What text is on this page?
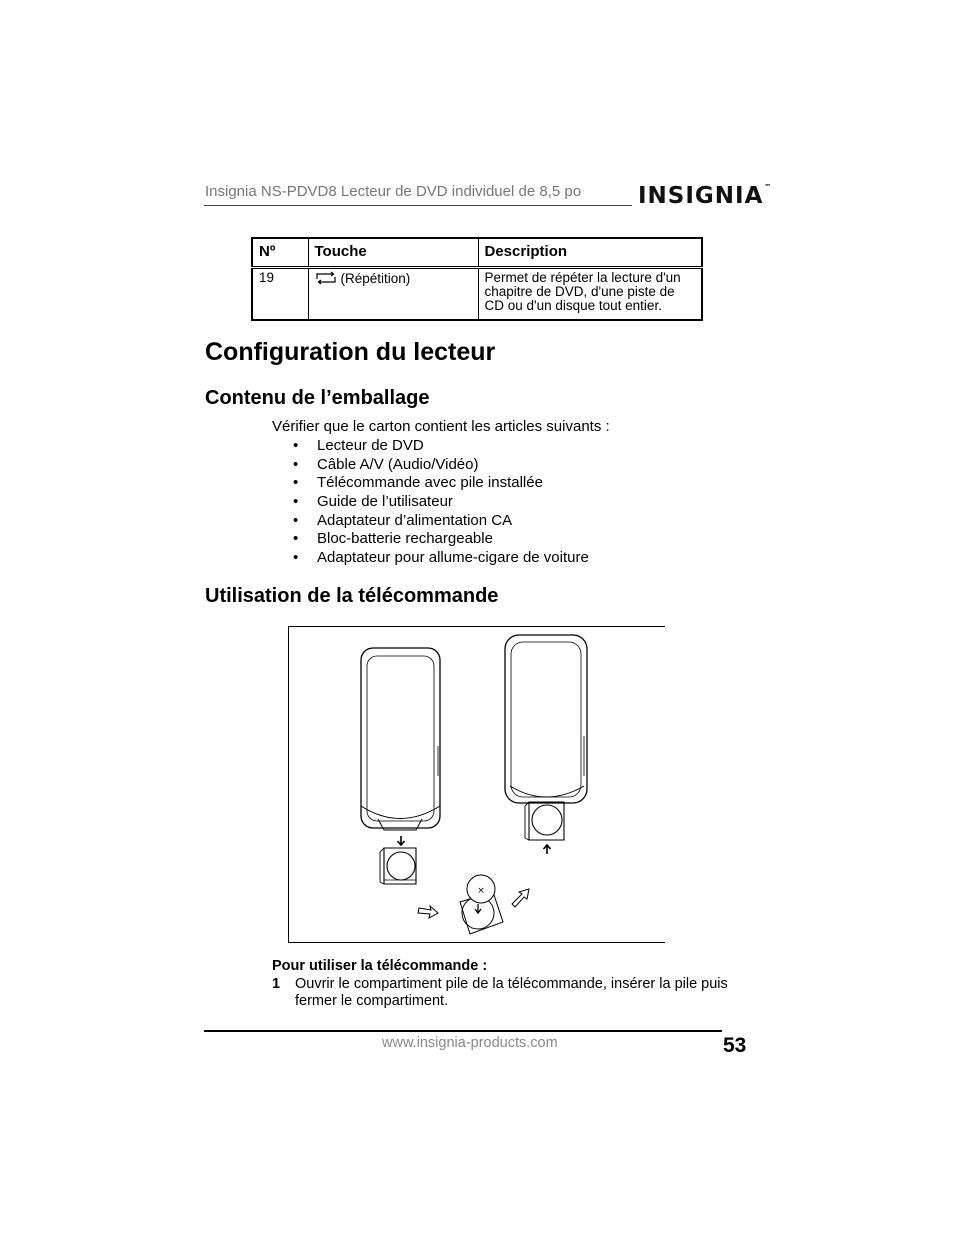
Insignia NS-PDVD8 Lecteur de DVD individuel de 8,5 po INSIGNIA™
Nº	Touche	Description
19	(Répétition)	Permet de répéter la lecture d'un chapitre de DVD, d'une piste de CD ou d'un disque tout entier.
Configuration du lecteur
Contenu de l’emballage
Vérifier que le carton contient les articles suivants :
• Lecteur de DVD
• Câble A/V (Audio/Vidéo)
• Télécommande avec pile installée
• Guide de l’utilisateur
• Adaptateur d’alimentation CA
• Bloc-batterie rechargeable
• Adaptateur pour allume-cigare de voiture
Utilisation de la télécommande
×
Pour utiliser la télécommande :
1 Ouvrir le compartiment pile de la télécommande, insérer la pile puis fermer le compartiment.
www.insignia-products.com	53
